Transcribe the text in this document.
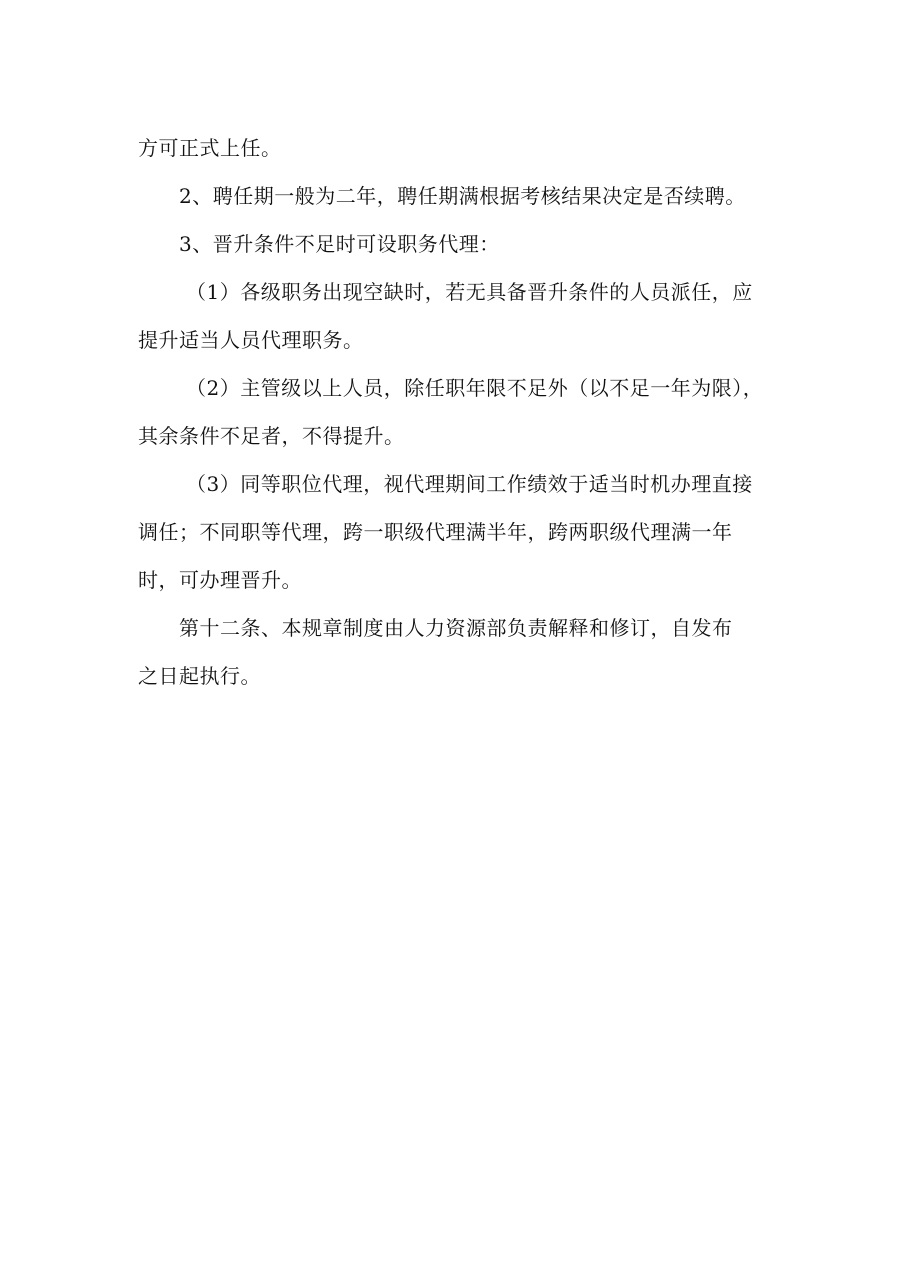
方可正式上任。
2、聘任期一般为二年，聘任期满根据考核结果决定是否续聘。
3、晋升条件不足时可设职务代理：
（1）各级职务出现空缺时，若无具备晋升条件的人员派任，应
提升适当人员代理职务。
（2）主管级以上人员，除任职年限不足外（以不足一年为限），
其余条件不足者，不得提升。
（3）同等职位代理，视代理期间工作绩效于适当时机办理直接
调任；不同职等代理，跨一职级代理满半年，跨两职级代理满一年
时，可办理晋升。
第十二条、本规章制度由人力资源部负责解释和修订，自发布
之日起执行。
